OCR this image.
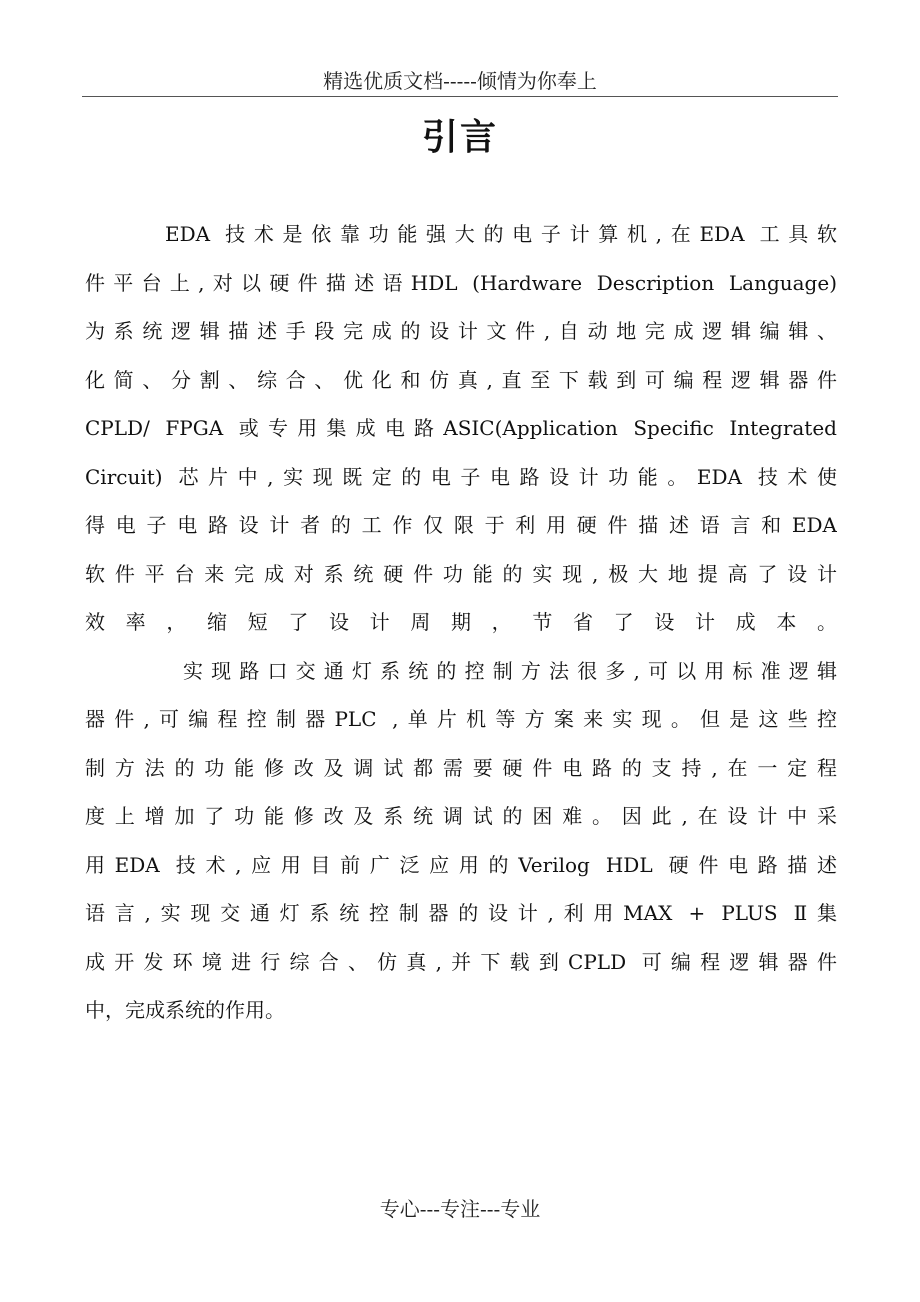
精选优质文档-----倾情为你奉上
引言
EDA 技术是依靠功能强大的电子计算机,在EDA 工具软
件平台上,对以硬件描述语HDL (Hardware Description Language)
为系统逻辑描述手段完成的设计文件,自动地完成逻辑编辑、
化简、分割、综合、优化和仿真,直至下载到可编程逻辑器件
CPLD/ FPGA 或专用集成电路ASIC(Application Specific Integrated
Circuit) 芯片中,实现既定的电子电路设计功能。EDA 技术使
得电子电路设计者的工作仅限于利用硬件描述语言和EDA
软件平台来完成对系统硬件功能的实现,极大地提高了设计
效率，缩短了设计周期，节省了设计成本。
实现路口交通灯系统的控制方法很多,可以用标准逻辑
器件,可编程控制器PLC ,单片机等方案来实现。但是这些控
制方法的功能修改及调试都需要硬件电路的支持,在一定程
度上增加了功能修改及系统调试的困难。因此,在设计中采
用EDA 技术,应用目前广泛应用的Verilog HDL 硬件电路描述
语言,实现交通灯系统控制器的设计,利用MAX + PLUS Ⅱ集
成开发环境进行综合、仿真,并下载到CPLD 可编程逻辑器件
中，完成系统的作用。
专心---专注---专业
